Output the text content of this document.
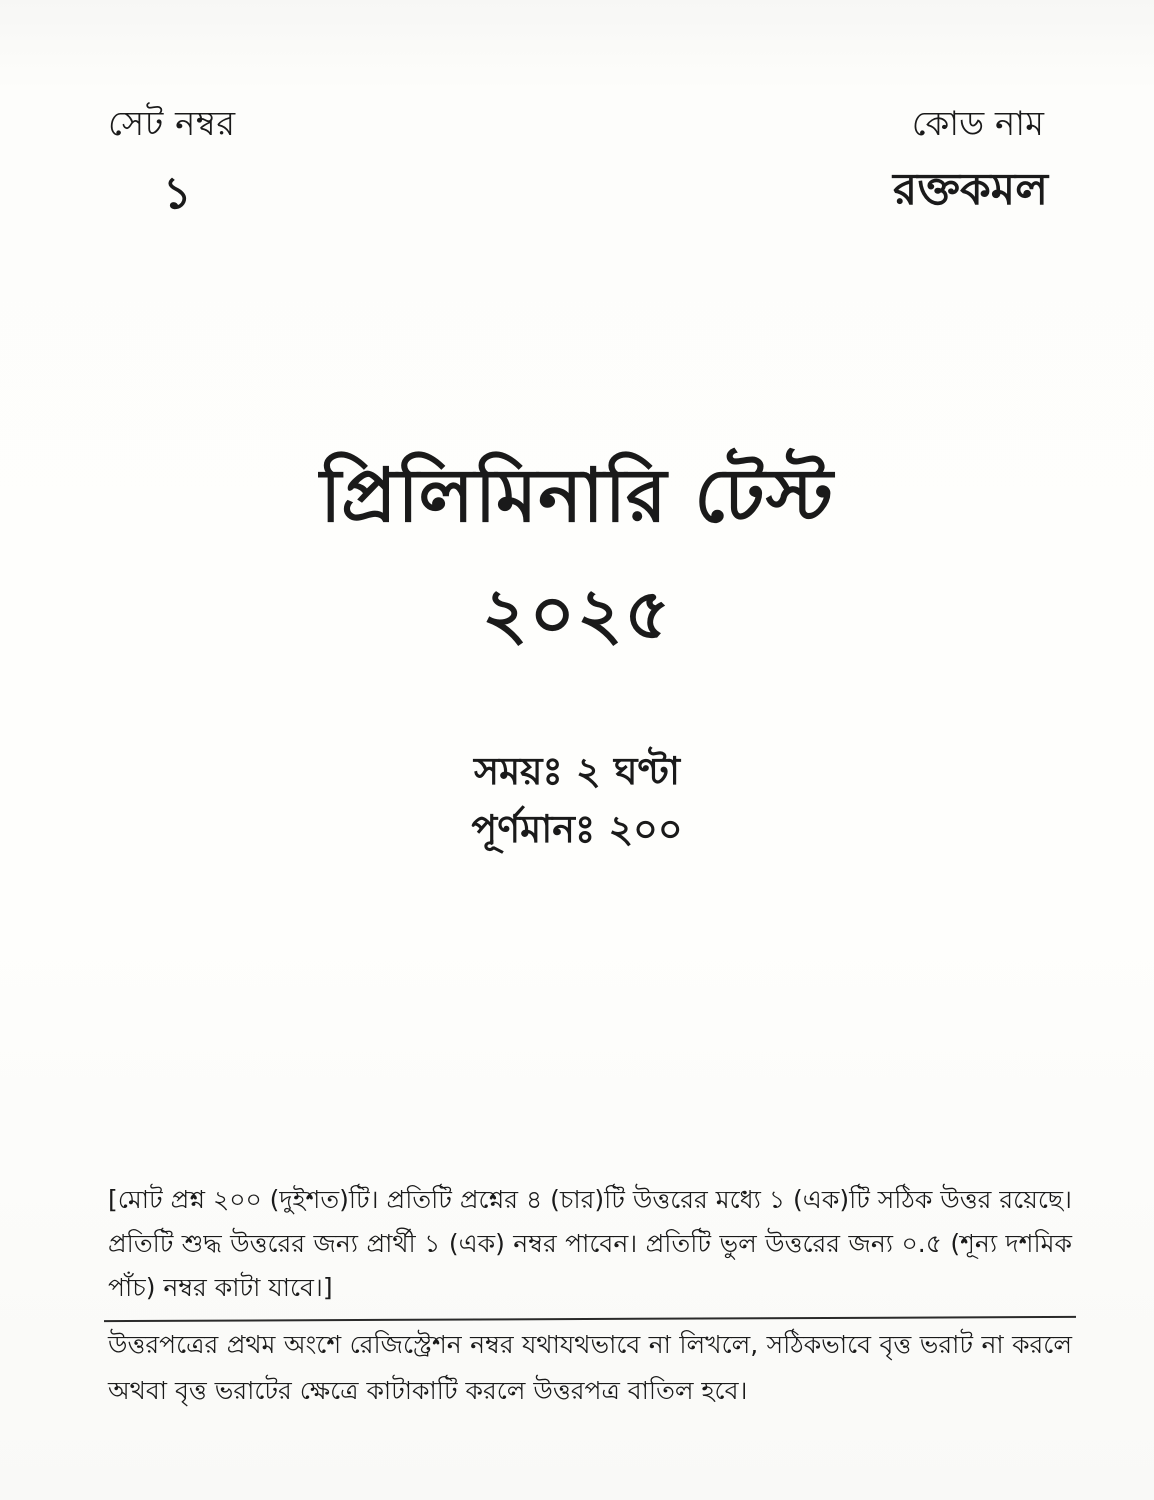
সেট নম্বর
১
কোড নাম
রক্তকমল
প্রিলিমিনারি টেস্ট
২০২৫
সময়ঃ ২ ঘণ্টা
পূর্ণমানঃ ২০০
[মোট প্রশ্ন ২০০ (দুইশত)টি। প্রতিটি প্রশ্নের ৪ (চার)টি উত্তরের মধ্যে ১ (এক)টি সঠিক উত্তর রয়েছে। প্রতিটি শুদ্ধ উত্তরের জন্য প্রার্থী ১ (এক) নম্বর পাবেন। প্রতিটি ভুল উত্তরের জন্য ০.৫ (শূন্য দশমিক পাঁচ) নম্বর কাটা যাবে।]
উত্তরপত্রের প্রথম অংশে রেজিস্ট্রেশন নম্বর যথাযথভাবে না লিখলে, সঠিকভাবে বৃত্ত ভরাট না করলে অথবা বৃত্ত ভরাটের ক্ষেত্রে কাটাকাটি করলে উত্তরপত্র বাতিল হবে।
